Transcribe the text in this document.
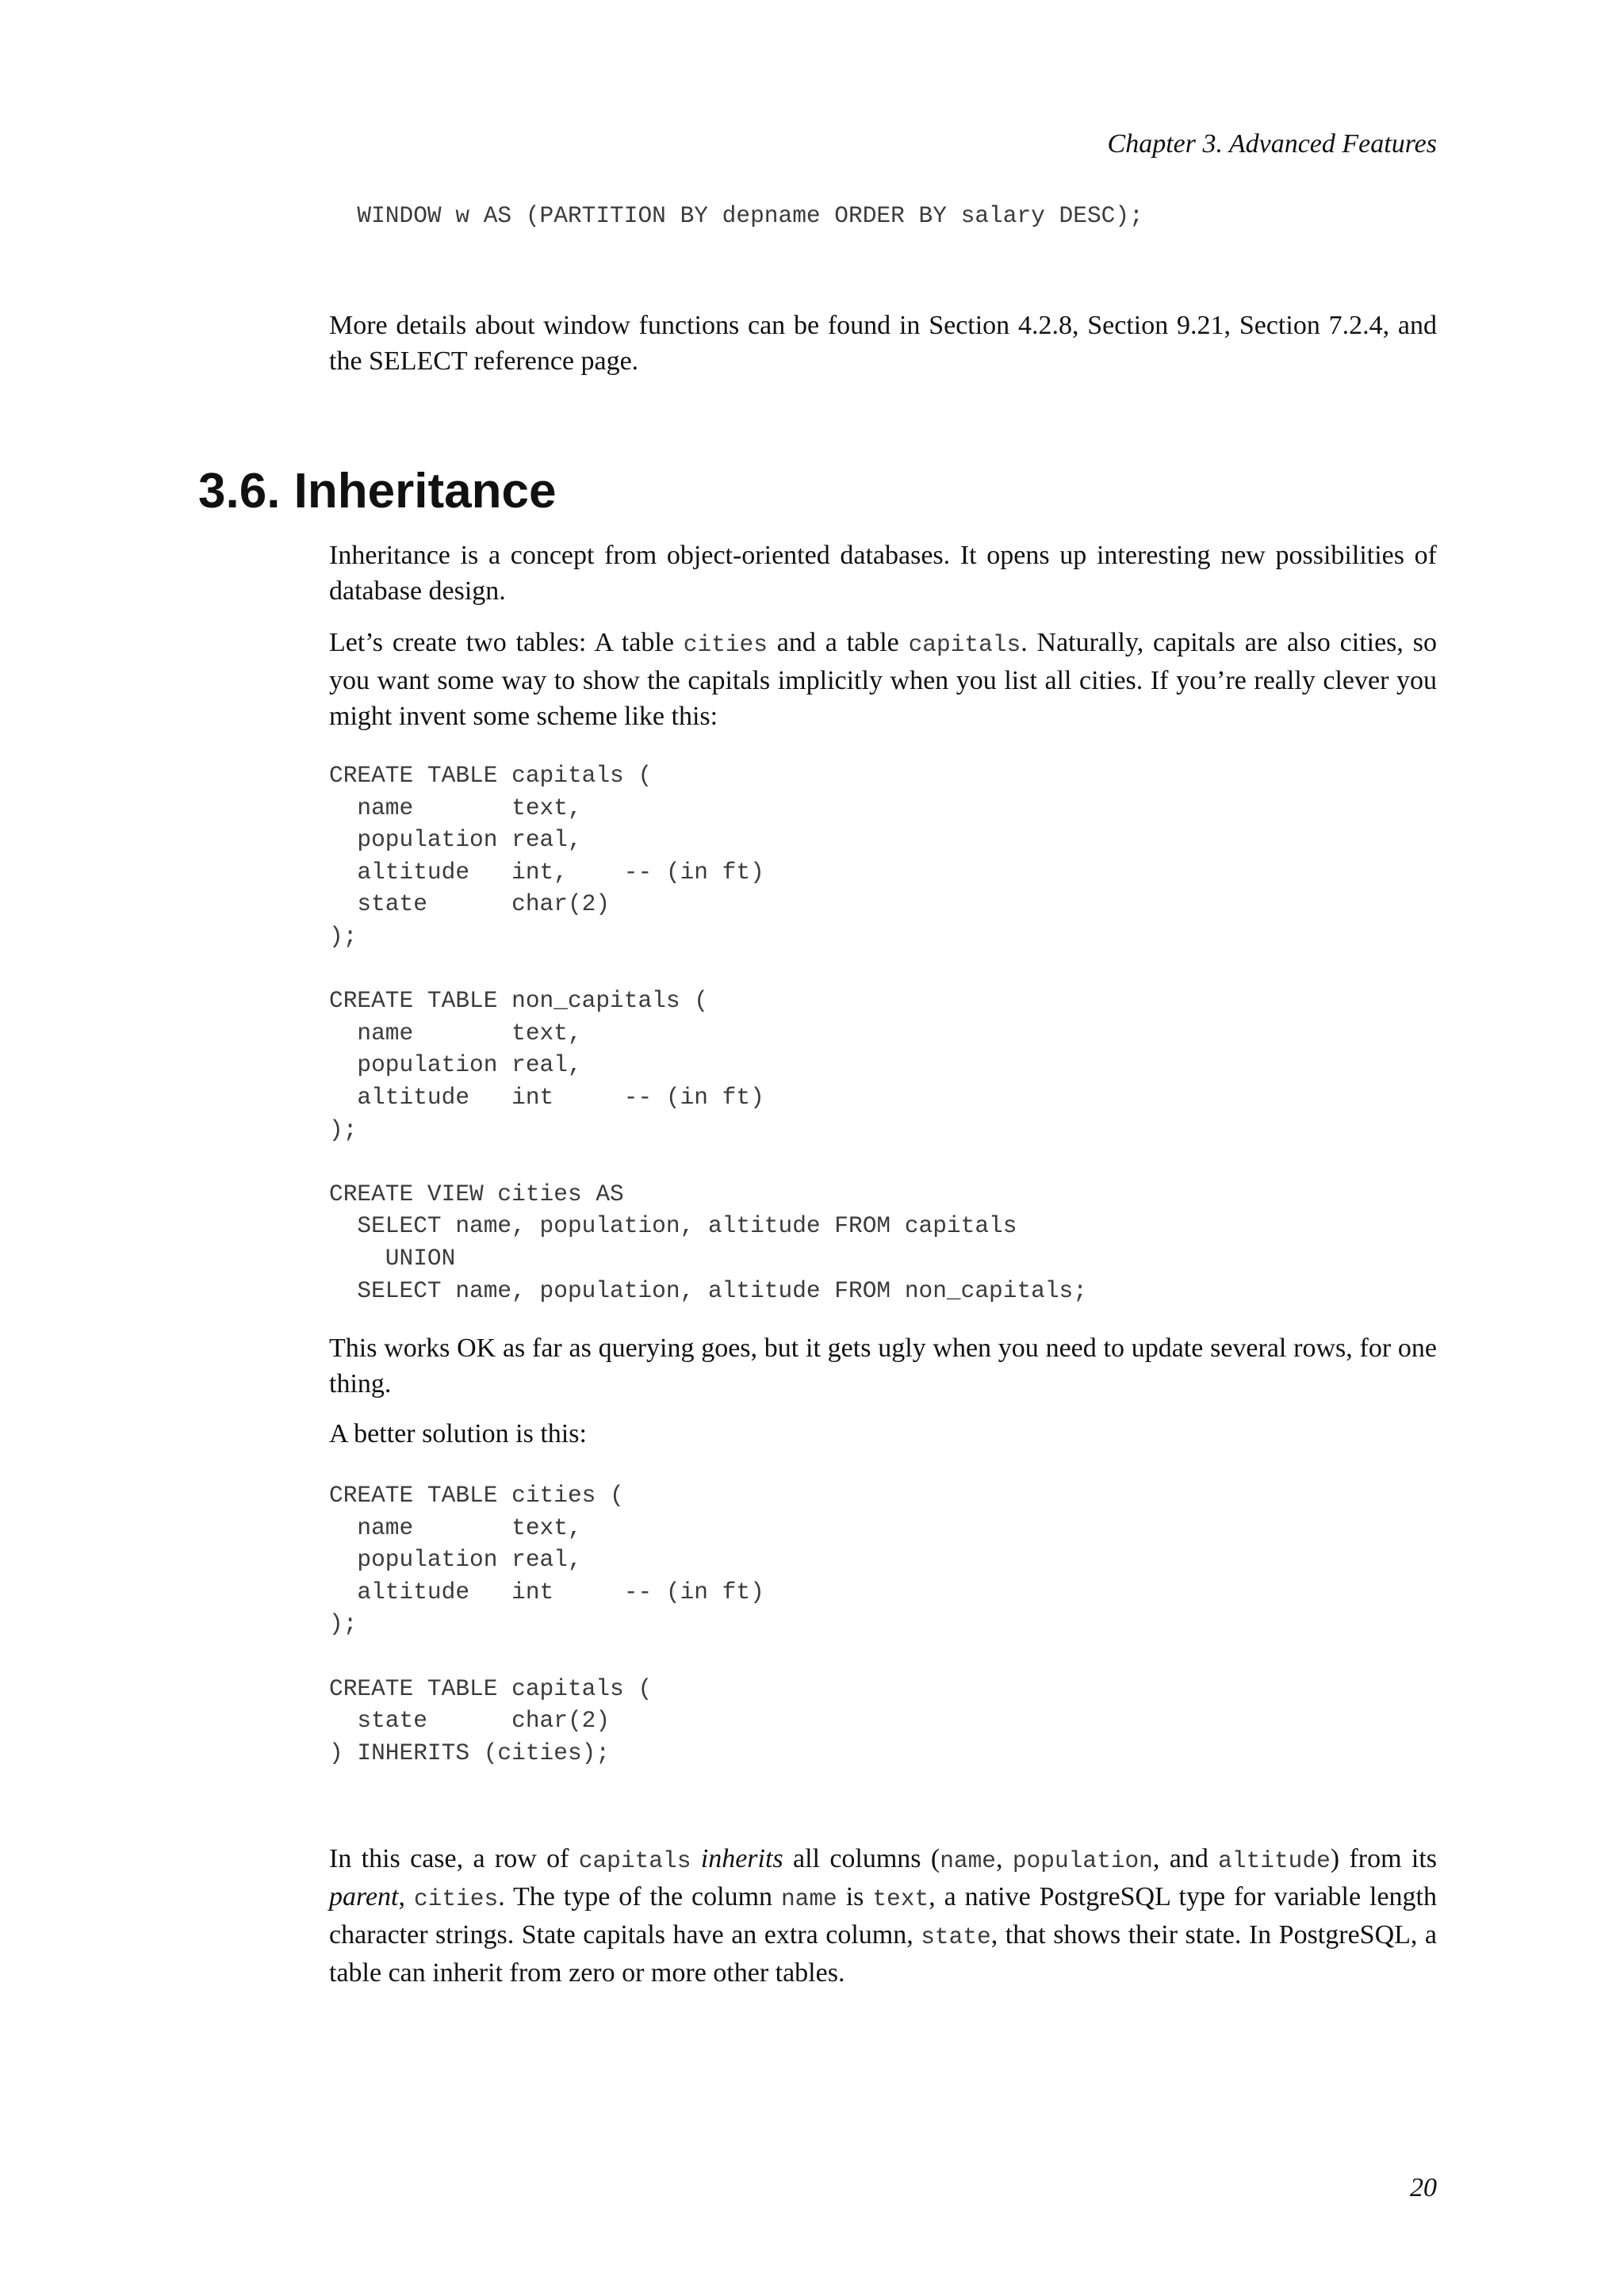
Chapter 3. Advanced Features
WINDOW w AS (PARTITION BY depname ORDER BY salary DESC);

More details about window functions can be found in Section 4.2.8, Section 9.21, Section 7.2.4, and the SELECT reference page.

3.6. Inheritance

Inheritance is a concept from object-oriented databases. It opens up interesting new possibilities of database design.

Let’s create two tables: A table cities and a table capitals. Naturally, capitals are also cities, so you want some way to show the capitals implicitly when you list all cities. If you’re really clever you might invent some scheme like this:

CREATE TABLE capitals (
name       text,
population real,
altitude   int,    -- (in ft)
state      char(2)
);

CREATE TABLE non_capitals (
name       text,
population real,
altitude   int     -- (in ft)
);

CREATE VIEW cities AS
SELECT name, population, altitude FROM capitals
UNION
SELECT name, population, altitude FROM non_capitals;

This works OK as far as querying goes, but it gets ugly when you need to update several rows, for one thing.

A better solution is this:

CREATE TABLE cities (
name       text,
population real,
altitude   int     -- (in ft)
);

CREATE TABLE capitals (
state      char(2)
) INHERITS (cities);

In this case, a row of capitals inherits all columns (name, population, and altitude) from its parent, cities. The type of the column name is text, a native PostgreSQL type for variable length character strings. State capitals have an extra column, state, that shows their state. In PostgreSQL, a table can inherit from zero or more other tables.

20
